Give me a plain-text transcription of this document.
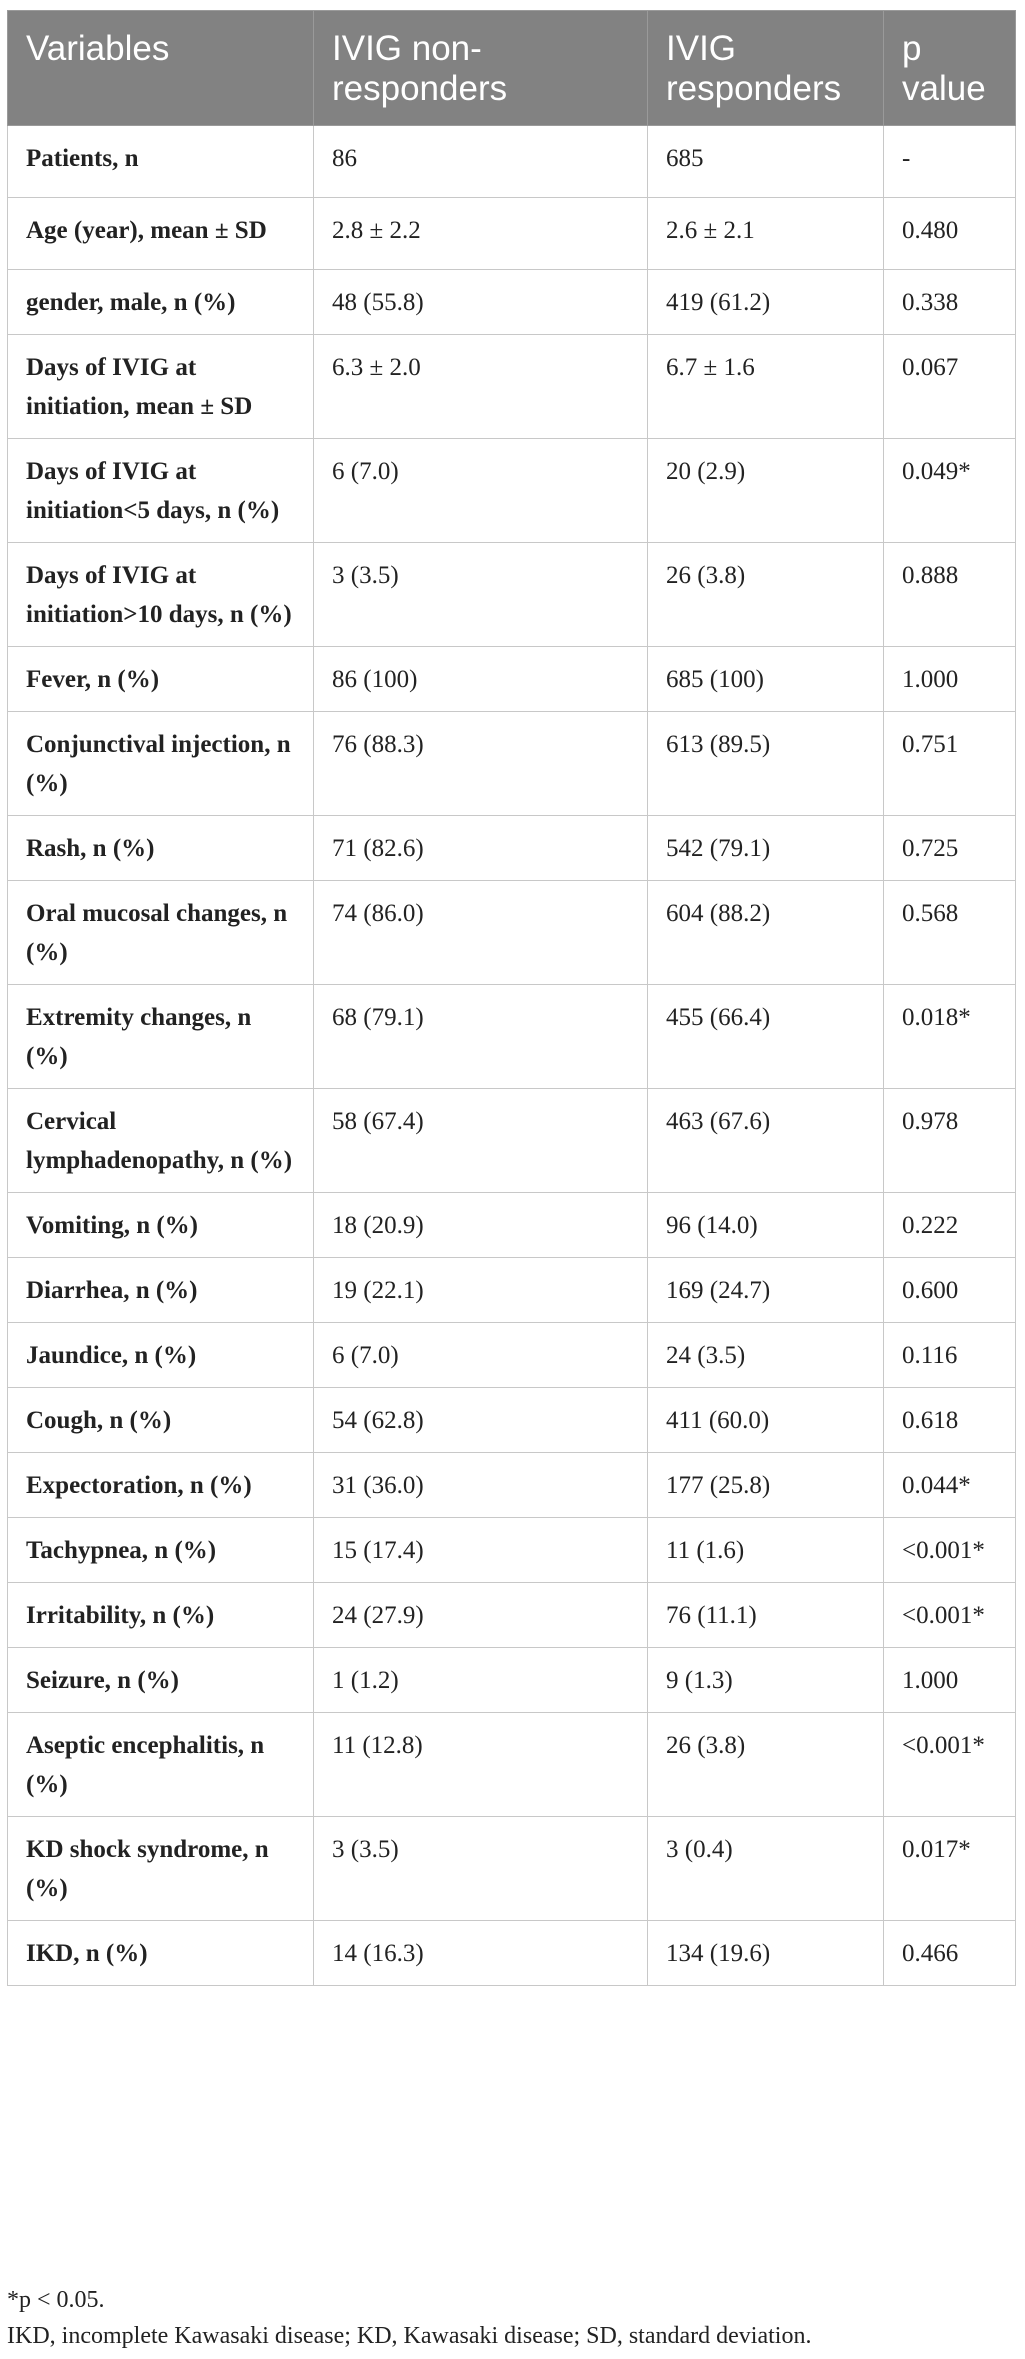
Variables	IVIG non-responders	IVIG responders	p value
Patients, n	86	685	-
Age (year), mean ± SD	2.8 ± 2.2	2.6 ± 2.1	0.480
gender, male, n (%)	48 (55.8)	419 (61.2)	0.338
Days of IVIG at initiation, mean ± SD	6.3 ± 2.0	6.7 ± 1.6	0.067
Days of IVIG at initiation<5 days, n (%)	6 (7.0)	20 (2.9)	0.049*
Days of IVIG at initiation>10 days, n (%)	3 (3.5)	26 (3.8)	0.888
Fever, n (%)	86 (100)	685 (100)	1.000
Conjunctival injection, n (%)	76 (88.3)	613 (89.5)	0.751
Rash, n (%)	71 (82.6)	542 (79.1)	0.725
Oral mucosal changes, n (%)	74 (86.0)	604 (88.2)	0.568
Extremity changes, n (%)	68 (79.1)	455 (66.4)	0.018*
Cervical lymphadenopathy, n (%)	58 (67.4)	463 (67.6)	0.978
Vomiting, n (%)	18 (20.9)	96 (14.0)	0.222
Diarrhea, n (%)	19 (22.1)	169 (24.7)	0.600
Jaundice, n (%)	6 (7.0)	24 (3.5)	0.116
Cough, n (%)	54 (62.8)	411 (60.0)	0.618
Expectoration, n (%)	31 (36.0)	177 (25.8)	0.044*
Tachypnea, n (%)	15 (17.4)	11 (1.6)	<0.001*
Irritability, n (%)	24 (27.9)	76 (11.1)	<0.001*
Seizure, n (%)	1 (1.2)	9 (1.3)	1.000
Aseptic encephalitis, n (%)	11 (12.8)	26 (3.8)	<0.001*
KD shock syndrome, n (%)	3 (3.5)	3 (0.4)	0.017*
IKD, n (%)	14 (16.3)	134 (19.6)	0.466

*p < 0.05.

IKD, incomplete Kawasaki disease; KD, Kawasaki disease; SD, standard deviation.
